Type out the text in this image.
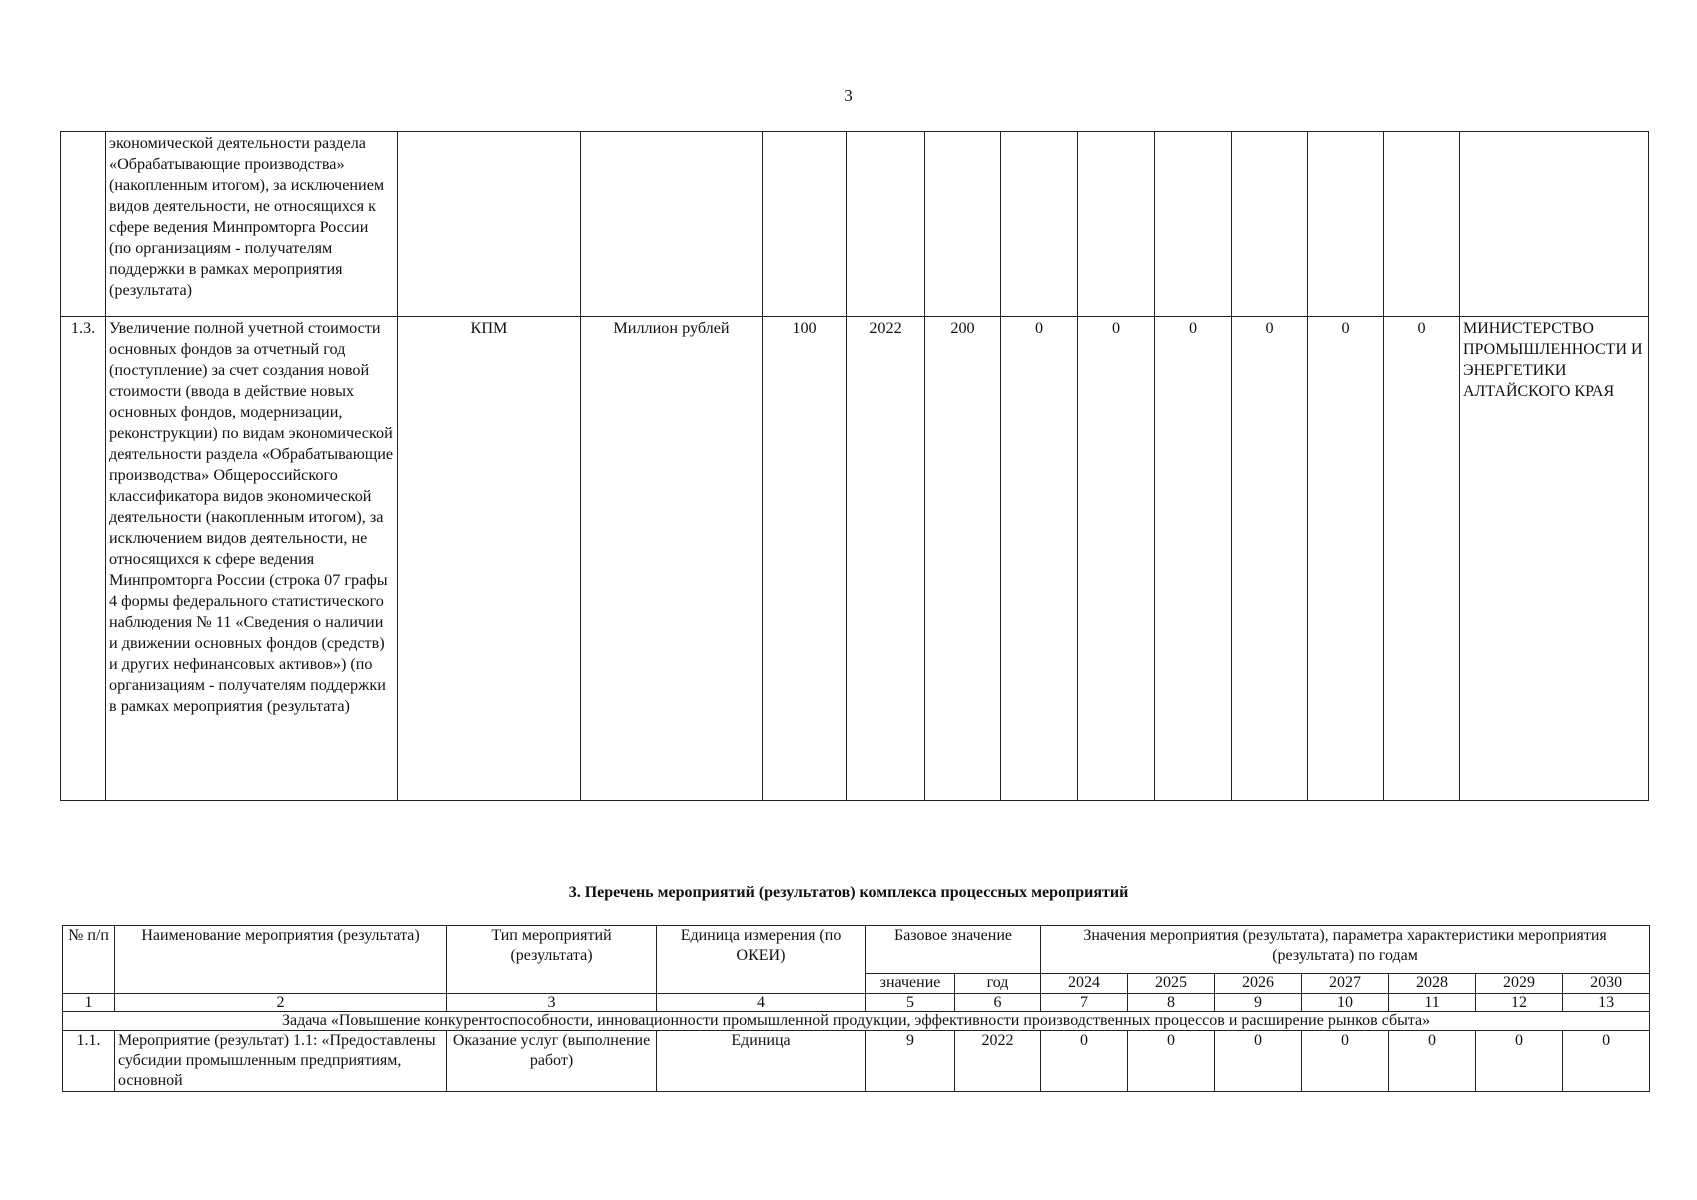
3
	экономической деятельности раздела «Обрабатывающие производства» (накопленным итогом), за исключением видов деятельности, не относящихся к сфере ведения Минпромторга России (по организациям - получателям поддержки в рамках мероприятия (результата)												
1.3.	Увеличение полной учетной стоимости основных фондов за отчетный год (поступление) за счет создания новой стоимости (ввода в действие новых основных фондов, модернизации, реконструкции) по видам экономической деятельности раздела «Обрабатывающие производства» Общероссийского классификатора видов экономической деятельности (накопленным итогом), за исключением видов деятельности, не относящихся к сфере ведения Минпромторга России (строка 07 графы 4 формы федерального статистического наблюдения № 11 «Сведения о наличии и движении основных фондов (средств) и других нефинансовых активов») (по организациям - получателям поддержки в рамках мероприятия (результата)	КПМ	Миллион рублей	100	2022	200	0	0	0	0	0	0	МИНИСТЕРСТВО ПРОМЫШЛЕННОСТИ И ЭНЕРГЕТИКИ АЛТАЙСКОГО КРАЯ
3. Перечень мероприятий (результатов) комплекса процессных мероприятий
№ п/п	Наименование мероприятия (результата)	Тип мероприятий (результата)	Единица измерения (по ОКЕИ)	Базовое значение		Значения мероприятия (результата), параметра характеристики мероприятия (результата) по годам						
				значение	год	2024	2025	2026	2027	2028	2029	2030
1	2	3	4	5	6	7	8	9	10	11	12	13
Задача «Повышение конкурентоспособности, инновационности промышленной продукции, эффективности производственных процессов и расширение рынков сбыта»												
1.1.	Мероприятие (результат) 1.1: «Предоставлены субсидии промышленным предприятиям, основной	Оказание услуг (выполнение работ)	Единица	9	2022	0	0	0	0	0	0	0
